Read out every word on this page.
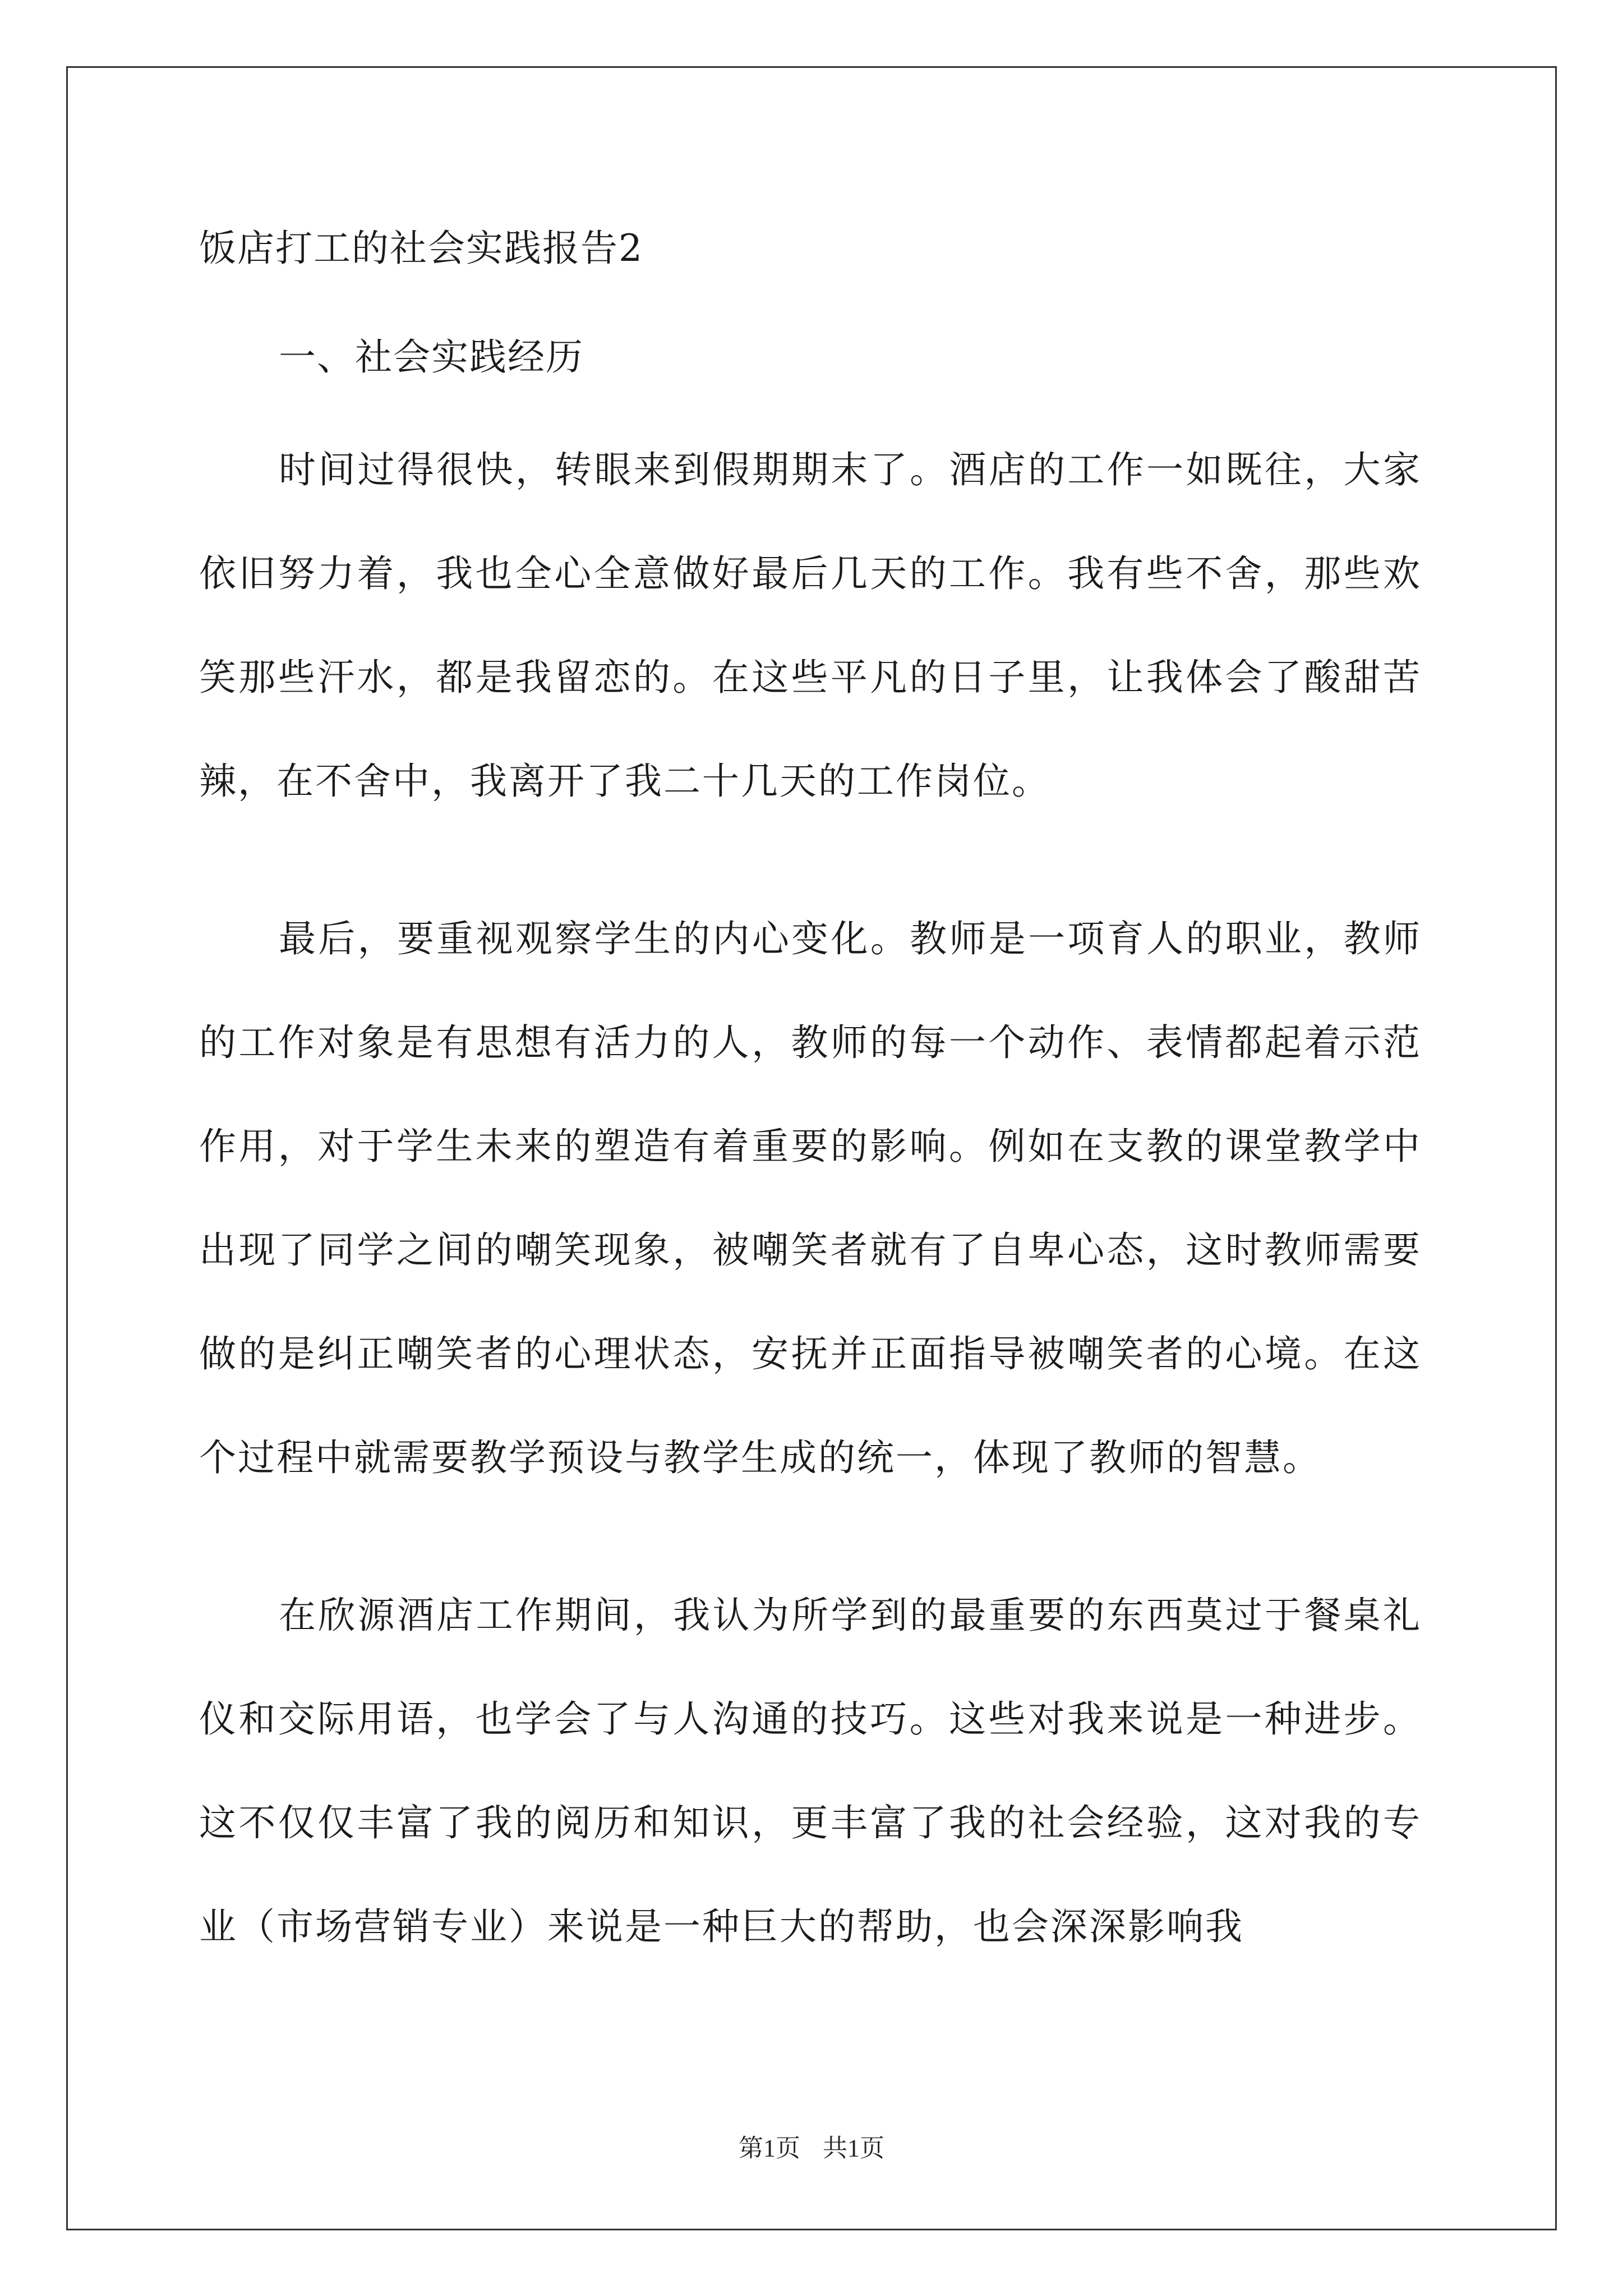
饭店打工的社会实践报告2

一、社会实践经历

时间过得很快，转眼来到假期期末了。酒店的工作一如既往，大家依旧努力着，我也全心全意做好最后几天的工作。我有些不舍，那些欢笑那些汗水，都是我留恋的。在这些平凡的日子里，让我体会了酸甜苦辣，在不舍中，我离开了我二十几天的工作岗位。

最后，要重视观察学生的内心变化。教师是一项育人的职业，教师的工作对象是有思想有活力的人，教师的每一个动作、表情都起着示范作用，对于学生未来的塑造有着重要的影响。例如在支教的课堂教学中出现了同学之间的嘲笑现象，被嘲笑者就有了自卑心态，这时教师需要做的是纠正嘲笑者的心理状态，安抚并正面指导被嘲笑者的心境。在这个过程中就需要教学预设与教学生成的统一，体现了教师的智慧。

在欣源酒店工作期间，我认为所学到的最重要的东西莫过于餐桌礼仪和交际用语，也学会了与人沟通的技巧。这些对我来说是一种进步。这不仅仅丰富了我的阅历和知识，更丰富了我的社会经验，这对我的专业（市场营销专业）来说是一种巨大的帮助，也会深深影响我

第1页 共1页
